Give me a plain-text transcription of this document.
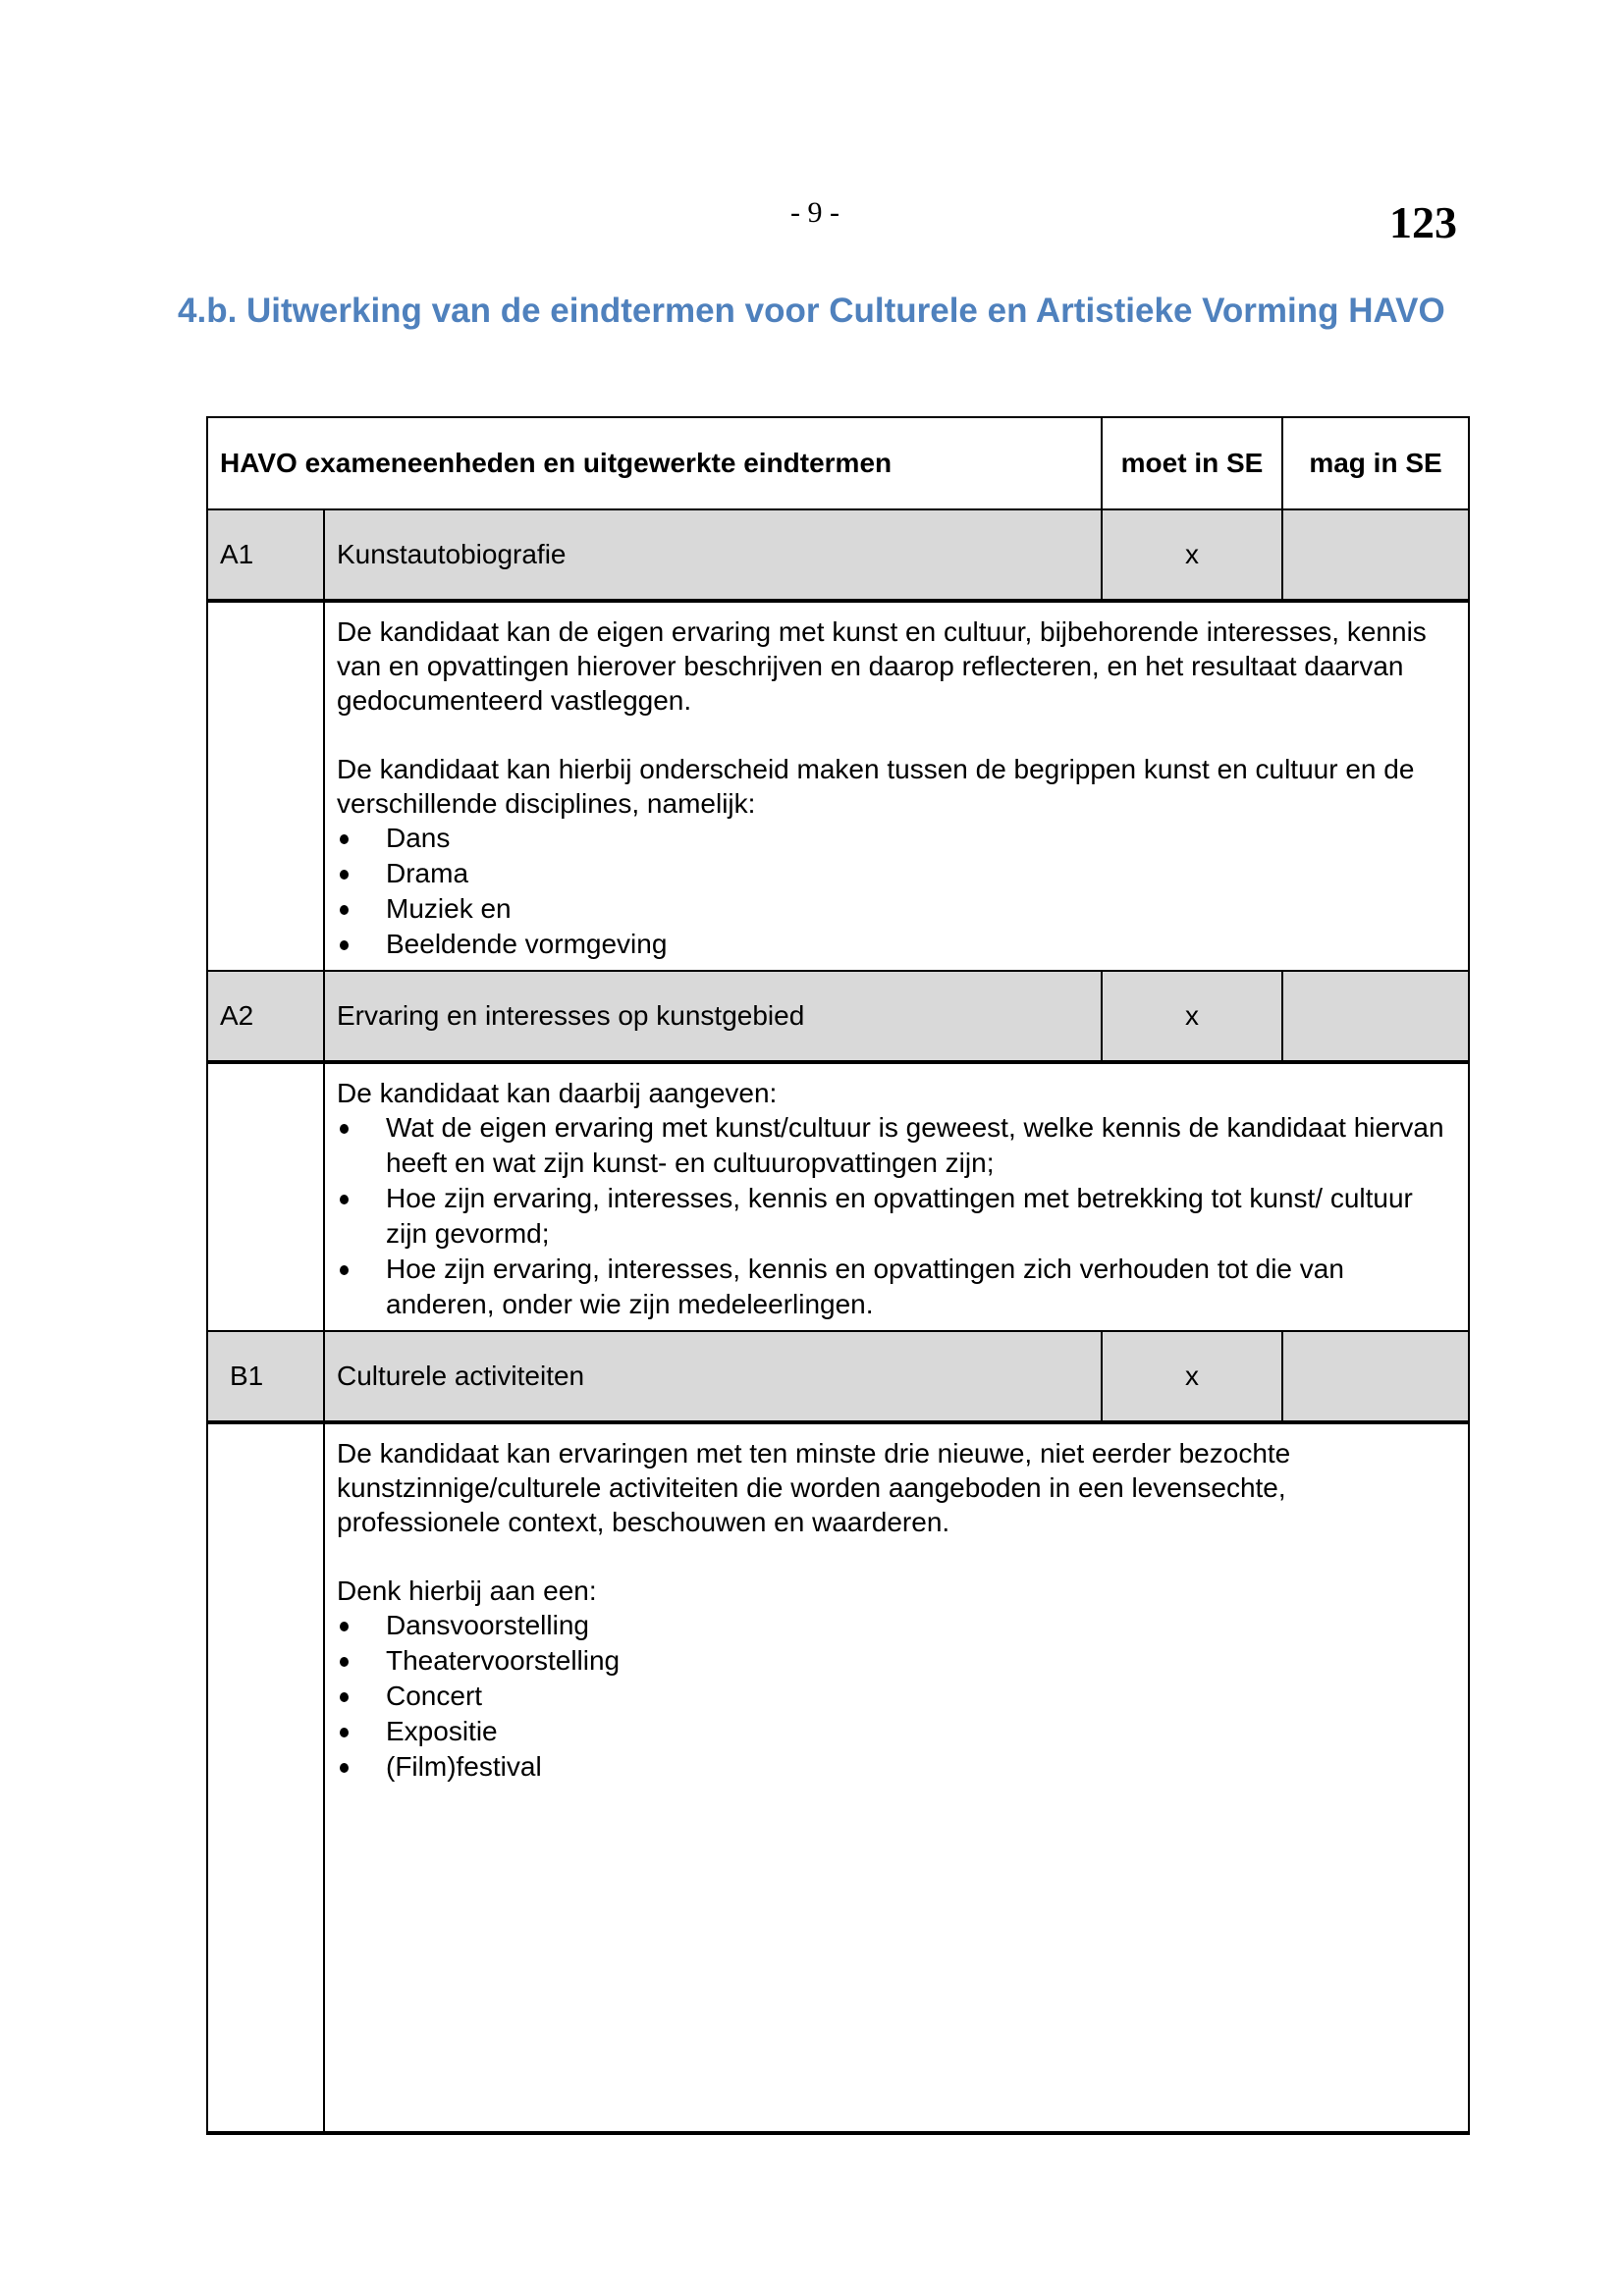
- 9 -	123
4.b. Uitwerking van de eindtermen voor Culturele en Artistieke Vorming HAVO
HAVO exameneenheden en uitgewerkte eindtermen		moet in SE	mag in SE
A1	Kunstautobiografie	x	

De kandidaat kan de eigen ervaring met kunst en cultuur, bijbehorende interesses, kennis van en opvattingen hierover beschrijven en daarop reflecteren, en het resultaat daarvan gedocumenteerd vastleggen.

De kandidaat kan hierbij onderscheid maken tussen de begrippen kunst en cultuur en de verschillende disciplines, namelijk:

Dans
Drama
Muziek en
Beeldende vormgeving

A2	Ervaring en interesses op kunstgebied	x	

De kandidaat kan daarbij aangeven:

Wat de eigen ervaring met kunst/cultuur is geweest, welke kennis de kandidaat hiervan heeft en wat zijn kunst- en cultuuropvattingen zijn;
Hoe zijn ervaring, interesses, kennis en opvattingen met betrekking tot kunst/ cultuur zijn gevormd;
Hoe zijn ervaring, interesses, kennis en opvattingen zich verhouden tot die van anderen, onder wie zijn medeleerlingen.

B1	Culturele activiteiten	x	

De kandidaat kan ervaringen met ten minste drie nieuwe, niet eerder bezochte kunstzinnige/culturele activiteiten die worden aangeboden in een levensechte, professionele context, beschouwen en waarderen.

Denk hierbij aan een:

Dansvoorstelling
Theatervoorstelling
Concert
Expositie
(Film)festival
